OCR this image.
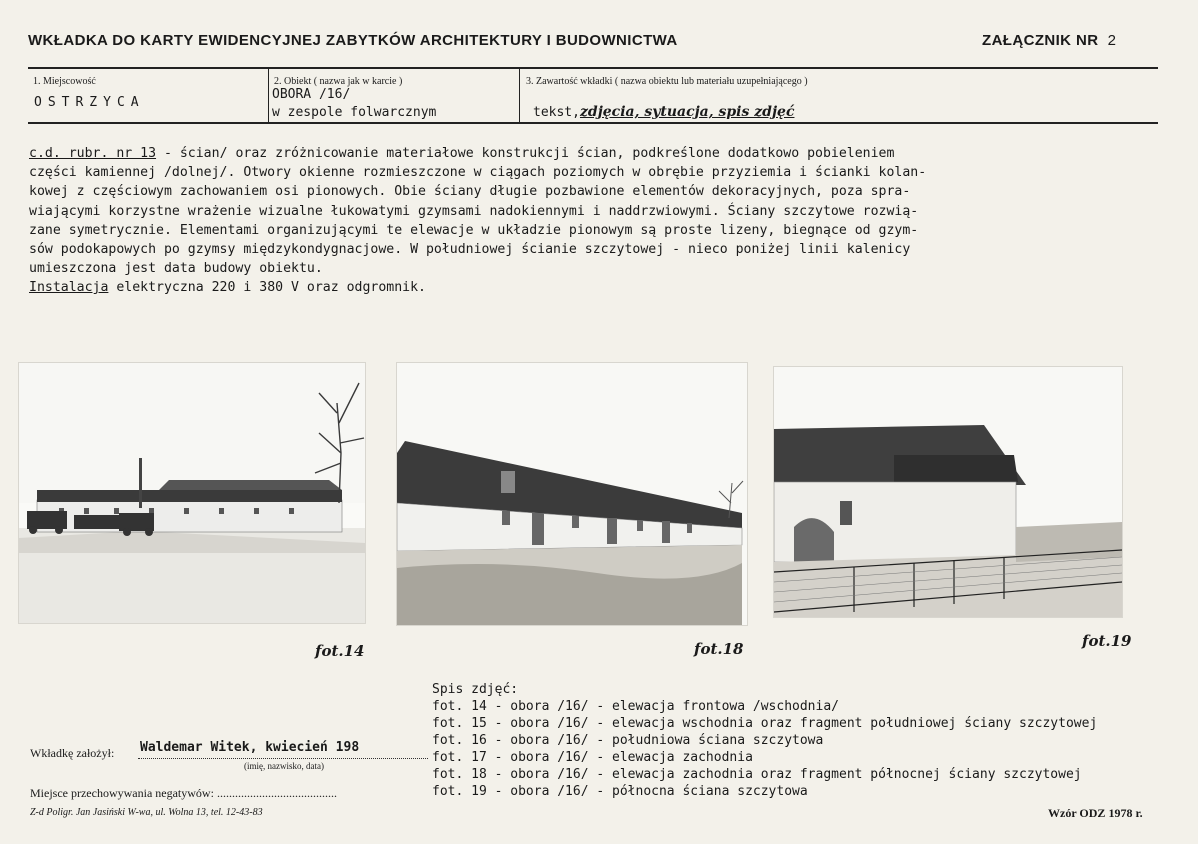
WKŁADKA DO KARTY EWIDENCYJNEJ ZABYTKÓW ARCHITEKTURY I BUDOWNICTWA	ZAŁĄCZNIK NR 2
1. Miejscowość
OSTRZYCA
2. Obiekt ( nazwa jak w karcie )
OBORA /16/
w zespole folwarcznym
3. Zawartość wkładki ( nazwa obiektu lub materiału uzupełniającego )
tekst,zdjęcia, sytuacja, spis zdjęć
c.d. rubr. nr 13 - ścian/ oraz zróżnicowanie materiałowe konstrukcji ścian, podkreślone dodatkowo pobieleniem
części kamiennej /dolnej/. Otwory okienne rozmieszczone w ciągach poziomych w obrębie przyziemia i ścianki kolan-
kowej z częściowym zachowaniem osi pionowych. Obie ściany długie pozbawione elementów dekoracyjnych, poza spra-
wiającymi korzystne wrażenie wizualne łukowatymi gzymsami nadokiennymi i naddrzwiowymi. Ściany szczytowe rozwią-
zane symetrycznie. Elementami organizującymi te elewacje w układzie pionowym są proste lizeny, biegnące od gzym-
sów podokapowych po gzymsy międzykondygnacjowe. W południowej ścianie szczytowej - nieco poniżej linii kalenicy
umieszczona jest data budowy obiektu.
Instalacja elektryczna 220 i 380 V oraz odgromnik.
fot.14	fot.18	fot.19
Spis zdjęć:
fot. 14 - obora /16/ - elewacja frontowa /wschodnia/
fot. 15 - obora /16/ - elewacja wschodnia oraz fragment południowej ściany szczytowej
fot. 16 - obora /16/ - południowa ściana szczytowa
fot. 17 - obora /16/ - elewacja zachodnia
fot. 18 - obora /16/ - elewacja zachodnia oraz fragment północnej ściany szczytowej
fot. 19 - obora /16/ - północna ściana szczytowa
Wkładkę założył: Waldemar Witek, kwiecień 198
(imię, nazwisko, data)
Miejsce przechowywania negatywów: ........................................
Z-d Poligr. Jan Jasiński W-wa, ul. Wolna 13, tel. 12-43-83	Wzór ODZ 1978 r.
